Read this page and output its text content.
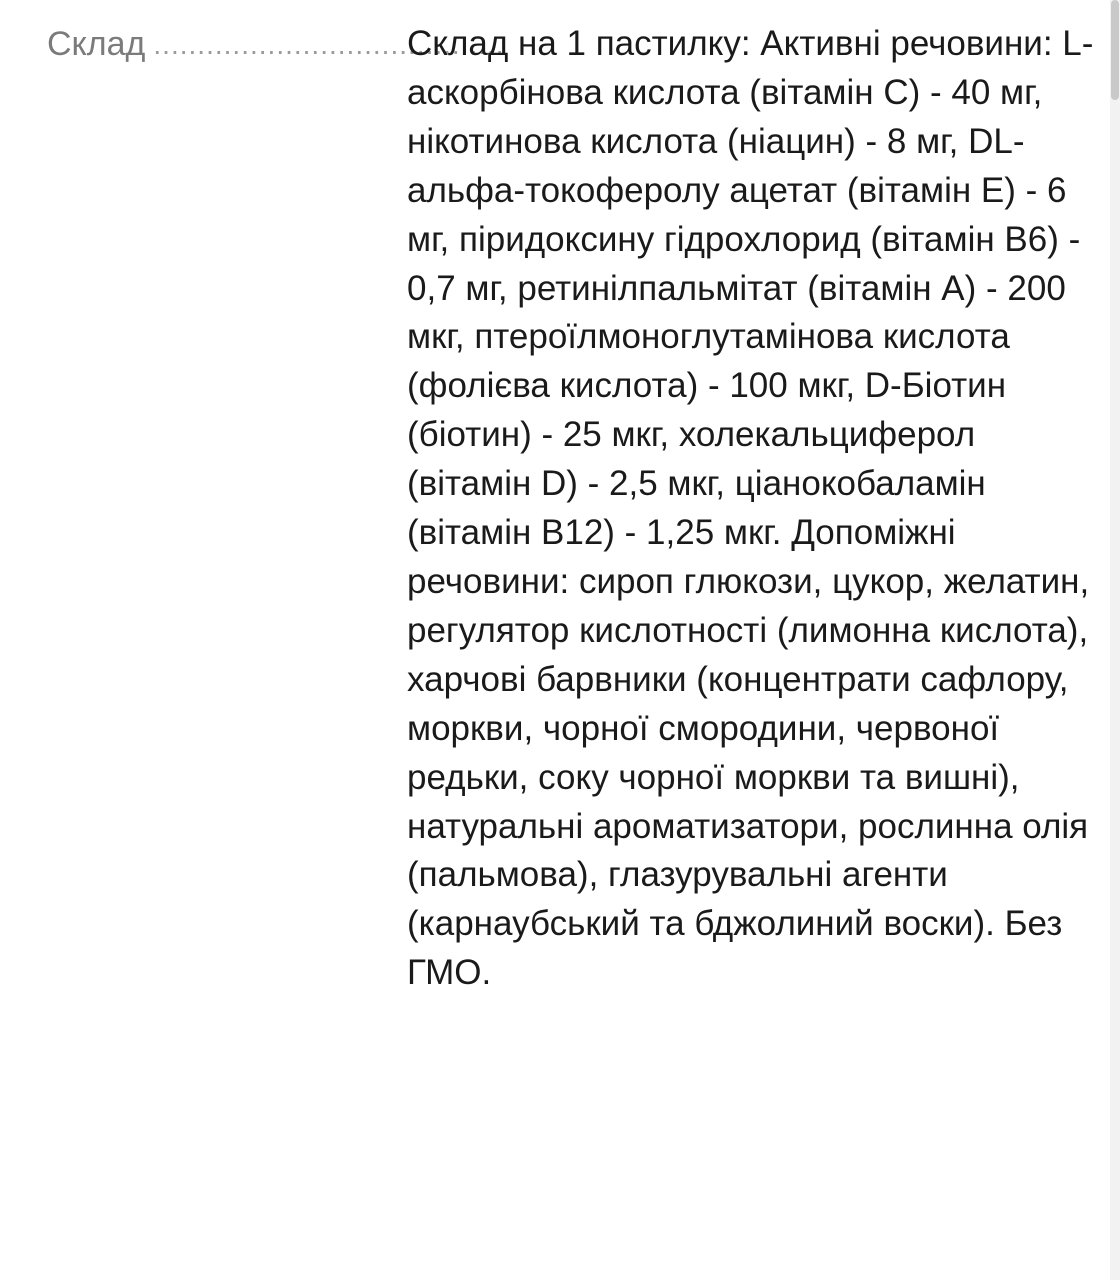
Склад ........................................
Склад на 1 пастилку: Активні речовини: L-аскорбінова кислота (вітамін С) - 40 мг, нікотинова кислота (ніацин) - 8 мг, DL-альфа-токоферолу ацетат (вітамін Е) - 6 мг, піридоксину гідрохлорид (вітамін В6) - 0,7 мг, ретинілпальмітат (вітамін А) - 200 мкг, птероїлмоноглутамінова кислота (фолієва кислота) - 100 мкг, D-Біотин (біотин) - 25 мкг, холекальциферол (вітамін D) - 2,5 мкг, ціанокобаламін (вітамін В12) - 1,25 мкг. Допоміжні речовини: сироп глюкози, цукор, желатин, регулятор кислотності (лимонна кислота), харчові барвники (концентрати сафлору, моркви, чорної смородини, червоної редьки, соку чорної моркви та вишні), натуральні ароматизатори, рослинна олія (пальмова), глазурувальні агенти (карнаубський та бджолиний воски). Без ГМО.
